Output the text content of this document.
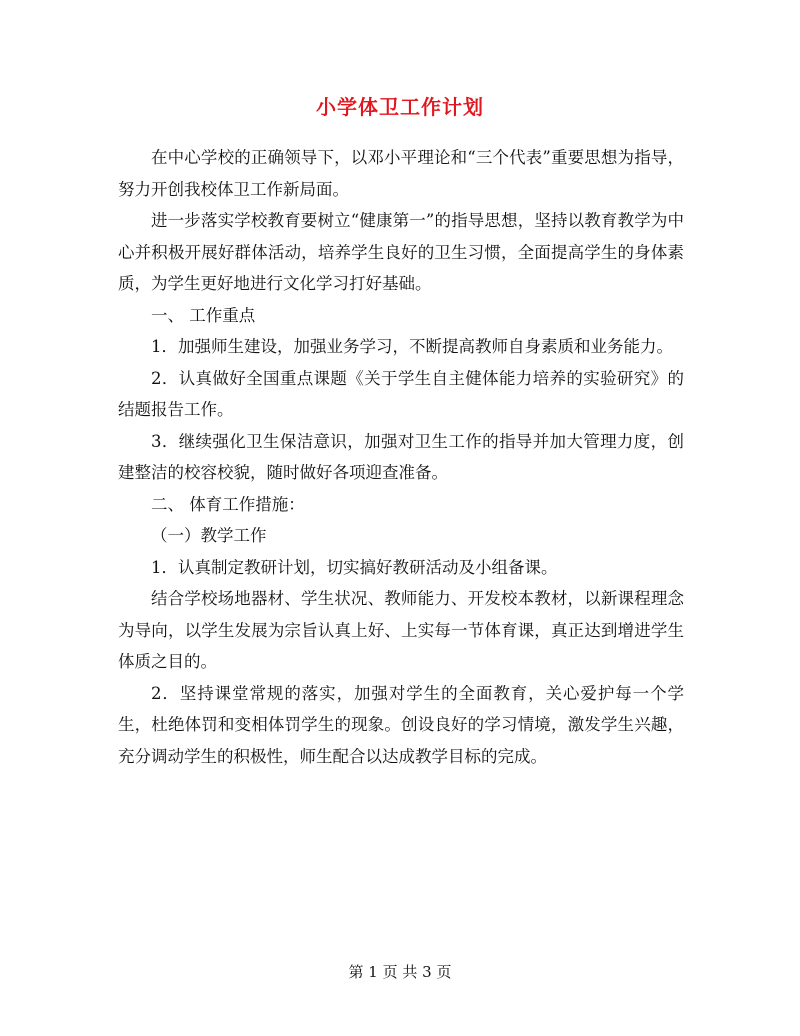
小学体卫工作计划

在中心学校的正确领导下，以邓小平理论和“三个代表”重要思想为指导，努力开创我校体卫工作新局面。

进一步落实学校教育要树立“健康第一”的指导思想，坚持以教育教学为中心并积极开展好群体活动，培养学生良好的卫生习惯，全面提高学生的身体素质，为学生更好地进行文化学习打好基础。

一、 工作重点

1．加强师生建设，加强业务学习，不断提高教师自身素质和业务能力。

2．认真做好全国重点课题《关于学生自主健体能力培养的实验研究》的结题报告工作。

3．继续强化卫生保洁意识，加强对卫生工作的指导并加大管理力度，创建整洁的校容校貌，随时做好各项迎查准备。

二、 体育工作措施：

（一）教学工作

1．认真制定教研计划，切实搞好教研活动及小组备课。

结合学校场地器材、学生状况、教师能力、开发校本教材，以新课程理念为导向，以学生发展为宗旨认真上好、上实每一节体育课，真正达到增进学生体质之目的。

2．坚持课堂常规的落实，加强对学生的全面教育，关心爱护每一个学生，杜绝体罚和变相体罚学生的现象。创设良好的学习情境，激发学生兴趣，充分调动学生的积极性，师生配合以达成教学目标的完成。

第 1 页 共 3 页
